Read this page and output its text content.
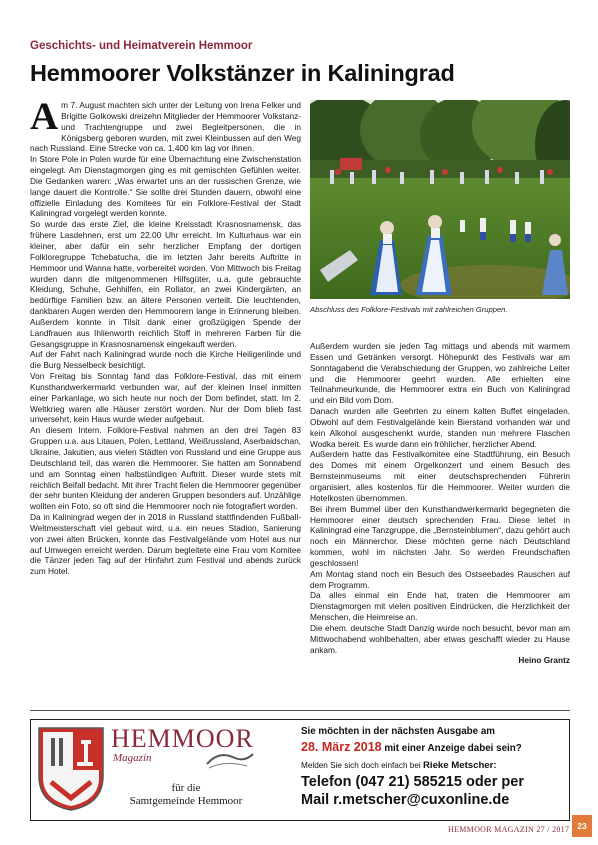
Geschichts- und Heimatverein Hemmoor
Hemmoorer Volkstänzer in Kaliningrad

Am 7. August machten sich unter der Leitung von Irena Felker und Brigitte Golkowski dreizehn Mitglieder der Hemmoorer Volkstanz- und Trachtengruppe und zwei Begleitpersonen, die in Königsberg geboren wurden, mit zwei Kleinbussen auf den Weg nach Russland. Eine Strecke von ca. 1.400 km lag vor ihnen.

In Store Pole in Polen wurde für eine Übernachtung eine Zwischenstation eingelegt. Am Dienstagmorgen ging es mit gemischten Gefühlen weiter. Die Gedanken waren: „Was erwartet uns an der russischen Grenze, wie lange dauert die Kontrolle.“ Sie sollte drei Stunden dauern, obwohl eine offizielle Einladung des Komitees für ein Folklore-Festival der Stadt Kaliningrad vorgelegt werden konnte.

So wurde das erste Ziel, die kleine Kreisstadt Krasnosnamensk, das frühere Lasdehnen, erst um 22.00 Uhr erreicht. Im Kulturhaus war ein kleiner, aber dafür ein sehr herzlicher Empfang der dortigen Folkloregruppe Tchebatucha, die im letzten Jahr bereits Auftritte in Hemmoor und Wanna hatte, vorbereitet worden. Von Mittwoch bis Freitag wurden dann die mitgenommenen Hilfsgüter, u.a. gute gebrauchte Kleidung, Schuhe, Gehhilfen, ein Rollator, an zwei Kindergärten, an bedürftige Familien bzw. an ältere Personen verteilt. Die leuchtenden, dankbaren Augen werden den Hemmoorern lange in Erinnerung bleiben. Außerdem konnte in Tilsit dank einer großzügigen Spende der Landfrauen aus Ihlienworth reichlich Stoff in mehreren Farben für die Gesangsgruppe in Krasnosnamensk eingekauft werden.

Auf der Fahrt nach Kaliningrad wurde noch die Kirche Heiligenlinde und die Burg Nesselbeck besichtigt.

Von Freitag bis Sonntag fand das Folklore-Festival, das mit einem Kunsthandwerkermarkt verbunden war, auf der kleinen Insel inmitten einer Parkanlage, wo sich heute nur noch der Dom befindet, statt. Im 2. Weltkrieg waren alle Häuser zerstört worden. Nur der Dom blieb fast unversehrt, kein Haus wurde wieder aufgebaut.

An diesem Intern. Folklore-Festival nahmen an den drei Tagen 83 Gruppen u.a. aus Litauen, Polen, Lettland, Weißrussland, Aserbaidschan, Ukraine, Jakutien, aus vielen Städten von Russland und eine Gruppe aus Deutschland teil, das waren die Hemmoorer. Sie hatten am Sonnabend und am Sonntag einen halbstündigen Auftritt. Dieser wurde stets mit reichlich Beifall bedacht. Mit ihrer Tracht fielen die Hemmoorer gegenüber der sehr bunten Kleidung der anderen Gruppen besonders auf. Unzählige wollten ein Foto, so oft sind die Hemmoorer noch nie fotografiert worden.

Da in Kaliningrad wegen der in 2018 in Russland stattfindenden Fußball-Weltmeisterschaft viel gebaut wird, u.a. ein neues Stadion, Sanierung von zwei alten Brücken, konnte das Festivalgelände vom Hotel aus nur auf Umwegen erreicht werden. Darum begleitete eine Frau vom Komitee die Tänzer jeden Tag auf der Hinfahrt zum Festival und abends zurück zum Hotel.

Abschluss des Folklore-Festivals mit zahlreichen Gruppen.

Außerdem wurden sie jeden Tag mittags und abends mit warmem Essen und Getränken versorgt. Höhepunkt des Festivals war am Sonntagabend die Verabschiedung der Gruppen, wo zahlreiche Leiter und die Hemmoorer geehrt wurden. Alle erhielten eine Teilnahmeurkunde, die Hemmoorer extra ein Buch von Kaliningrad und ein Bild vom Dom.

Danach wurden alle Geehrten zu einem kalten Buffet eingeladen. Obwohl auf dem Festivalgelände kein Bierstand vorhanden war und kein Alkohol ausgeschenkt wurde, standen nun mehrere Flaschen Wodka bereit. Es wurde dann ein fröhlicher, herzlicher Abend.

Außerdem hatte das Festivalkomitee eine Stadtführung, ein Besuch des Domes mit einem Orgelkonzert und einem Besuch des Bernsteinmuseums mit einer deutschsprechenden Führerin organisiert, alles kostenlos für die Hemmoorer. Weiter wurden die Hotelkosten übernommen.

Bei ihrem Bummel über den Kunsthandwerkermarkt begegneten die Hemmoorer einer deutsch sprechenden Frau. Diese leitet in Kaliningrad eine Tanzgruppe, die „Bernsteinblumen“, dazu gehört auch noch ein Männerchor. Diese möchten gerne nach Deutschland kommen, wohl im nächsten Jahr. So werden Freundschaften geschlossen!

Am Montag stand noch ein Besuch des Ostseebades Rauschen auf dem Programm.

Da alles einmal ein Ende hat, traten die Hemmoorer am Dienstagmorgen mit vielen positiven Eindrücken, die Herzlichkeit der Menschen, die Heimreise an.

Die ehem. deutsche Stadt Danzig wurde noch besucht, bevor man am Mittwochabend wohlbehalten, aber etwas geschafft wieder zu Hause ankam.

Heino Grantz

HEMMOOR
Magazin
für die
Samtgemeinde Hemmoor
Sie möchten in der nächsten Ausgabe am
28. März 2018 mit einer Anzeige dabei sein?
Melden Sie sich doch einfach bei Rieke Metscher:
Telefon (047 21) 585215 oder per
Mail r.metscher@cuxonline.de
HEMMOOR MAGAZIN 27 / 2017 23
